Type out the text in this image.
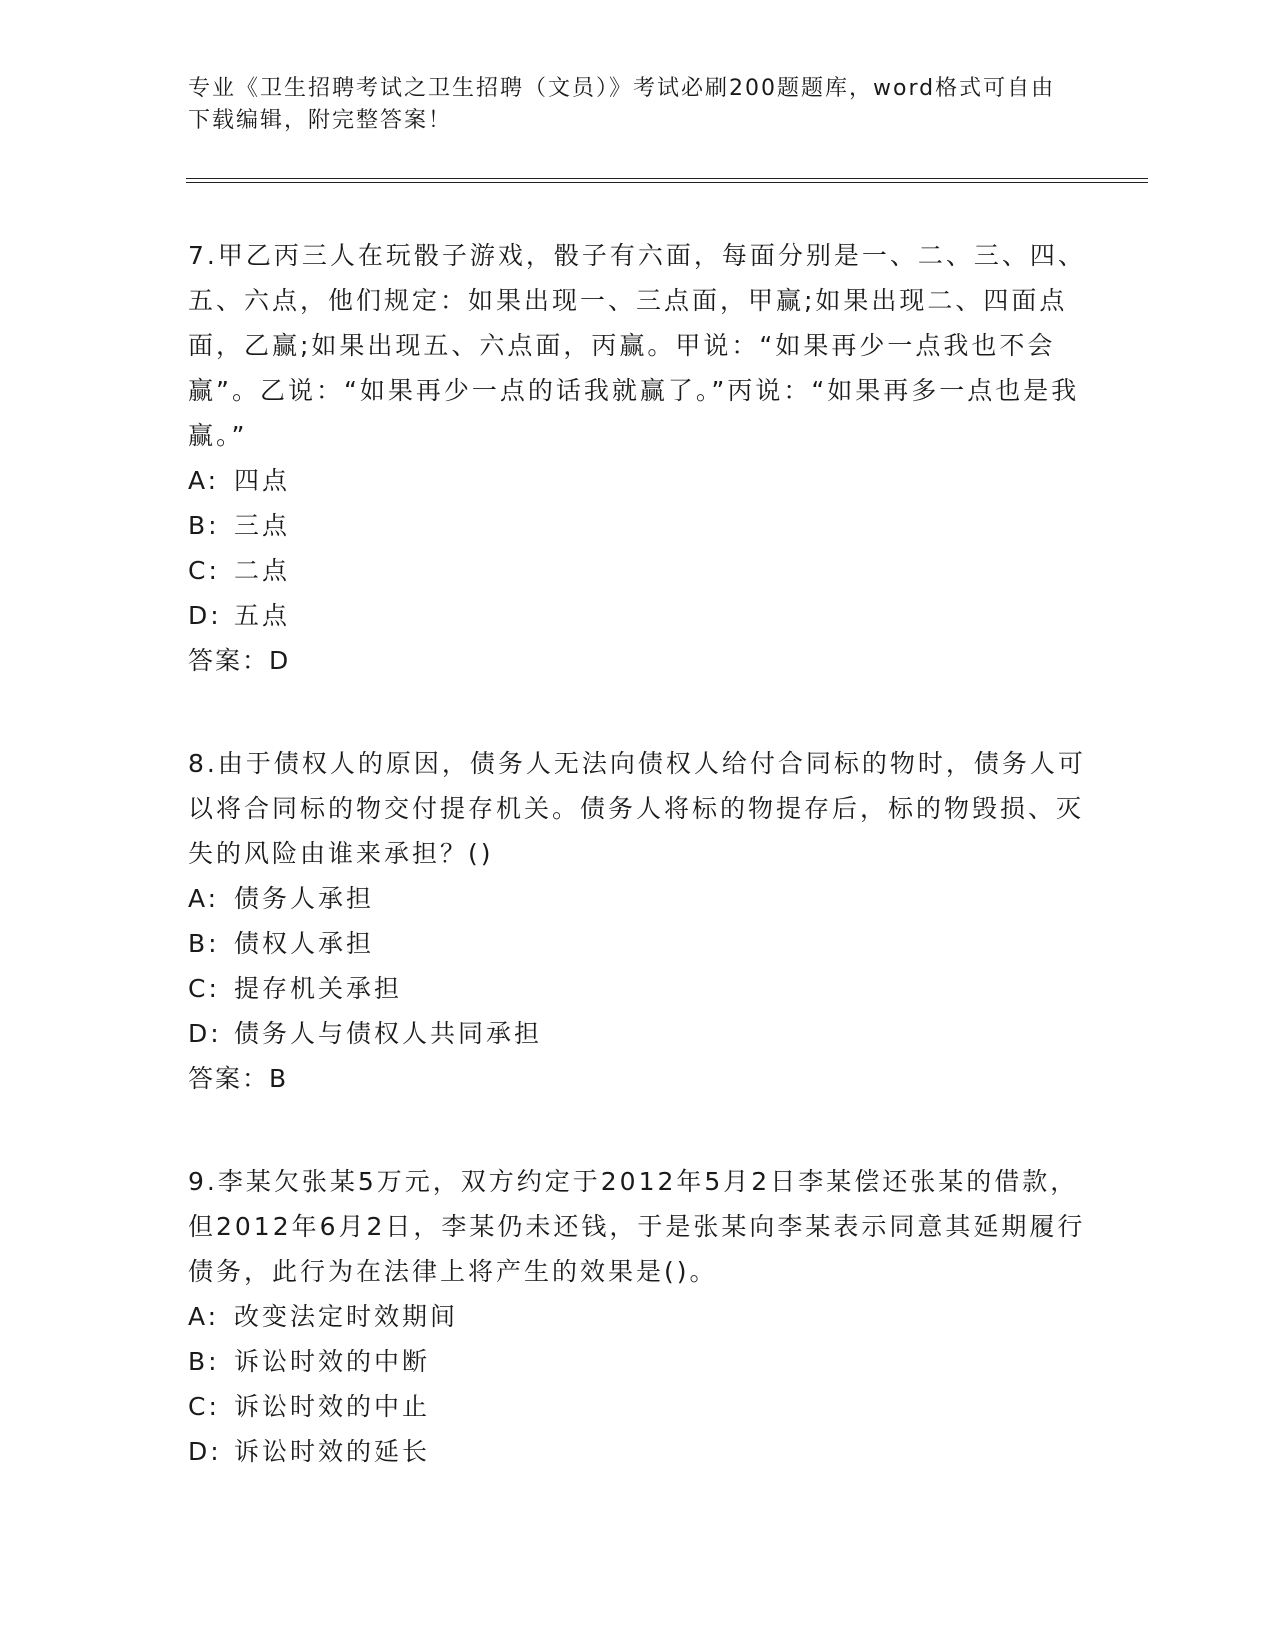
专业《卫生招聘考试之卫生招聘（文员）》考试必刷200题题库，word格式可自由下载编辑，附完整答案！

7.甲乙丙三人在玩骰子游戏，骰子有六面，每面分别是一、二、三、四、五、六点，他们规定：如果出现一、三点面，甲赢;如果出现二、四面点面，乙赢;如果出现五、六点面，丙赢。甲说：“如果再少一点我也不会赢”。乙说：“如果再少一点的话我就赢了。”丙说：“如果再多一点也是我赢。”

A: 四点

B: 三点

C: 二点

D: 五点

答案：D

8.由于债权人的原因，债务人无法向债权人给付合同标的物时，债务人可以将合同标的物交付提存机关。债务人将标的物提存后，标的物毁损、灭失的风险由谁来承担？()

A: 债务人承担

B: 债权人承担

C: 提存机关承担

D: 债务人与债权人共同承担

答案：B

9.李某欠张某5万元，双方约定于2012年5月2日李某偿还张某的借款，但2012年6月2日，李某仍未还钱，于是张某向李某表示同意其延期履行债务，此行为在法律上将产生的效果是()。

A: 改变法定时效期间

B: 诉讼时效的中断

C: 诉讼时效的中止

D: 诉讼时效的延长
